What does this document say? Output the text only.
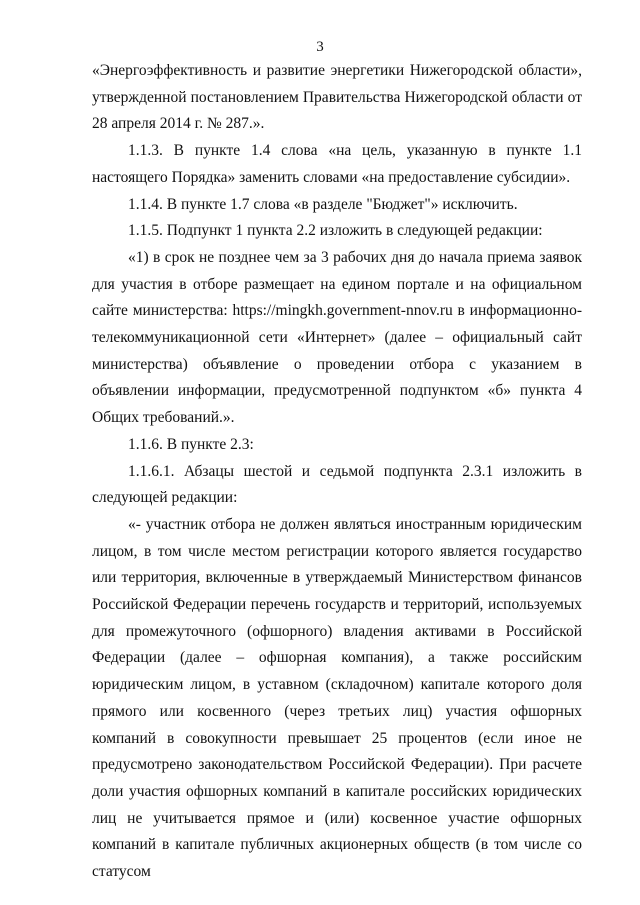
3

«Энергоэффективность и развитие энергетики Нижегородской области», утвержденной постановлением Правительства Нижегородской области от 28 апреля 2014 г. № 287.».

1.1.3. В пункте 1.4 слова «на цель, указанную в пункте 1.1 настоящего Порядка» заменить словами «на предоставление субсидии».

1.1.4. В пункте 1.7 слова «в разделе "Бюджет"» исключить.

1.1.5. Подпункт 1 пункта 2.2 изложить в следующей редакции:

«1) в срок не позднее чем за 3 рабочих дня до начала приема заявок для участия в отборе размещает на едином портале и на официальном сайте министерства: https://mingkh.government-nnov.ru в информационно-телекоммуникационной сети «Интернет» (далее – официальный сайт министерства) объявление о проведении отбора с указанием в объявлении информации, предусмотренной подпунктом «б» пункта 4 Общих требований.».

1.1.6. В пункте 2.3:

1.1.6.1. Абзацы шестой и седьмой подпункта 2.3.1 изложить в следующей редакции:

«- участник отбора не должен являться иностранным юридическим лицом, в том числе местом регистрации которого является государство или территория, включенные в утверждаемый Министерством финансов Российской Федерации перечень государств и территорий, используемых для промежуточного (офшорного) владения активами в Российской Федерации (далее – офшорная компания), а также российским юридическим лицом, в уставном (складочном) капитале которого доля прямого или косвенного (через третьих лиц) участия офшорных компаний в совокупности превышает 25 процентов (если иное не предусмотрено законодательством Российской Федерации). При расчете доли участия офшорных компаний в капитале российских юридических лиц не учитывается прямое и (или) косвенное участие офшорных компаний в капитале публичных акционерных обществ (в том числе со статусом
